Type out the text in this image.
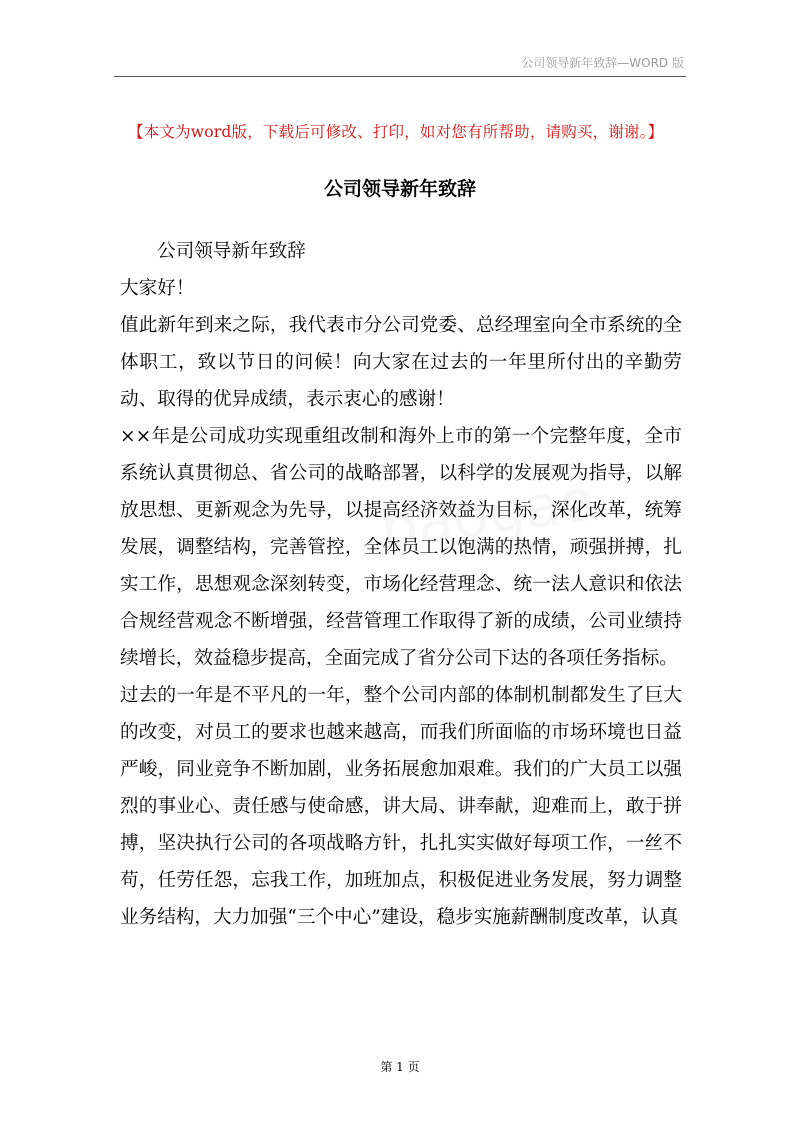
公司领导新年致辞—WORD 版
【本文为word版，下载后可修改、打印，如对您有所帮助，请购买，谢谢。】
公司领导新年致辞

公司领导新年致辞

大家好！

值此新年到来之际，我代表市分公司党委、总经理室向全市系统的全体职工，致以节日的问候！向大家在过去的一年里所付出的辛勤劳动、取得的优异成绩，表示衷心的感谢！

××年是公司成功实现重组改制和海外上市的第一个完整年度，全市系统认真贯彻总、省公司的战略部署，以科学的发展观为指导，以解放思想、更新观念为先导，以提高经济效益为目标，深化改革，统筹发展，调整结构，完善管控，全体员工以饱满的热情，顽强拼搏，扎实工作，思想观念深刻转变，市场化经营理念、统一法人意识和依法合规经营观念不断增强，经营管理工作取得了新的成绩，公司业绩持续增长，效益稳步提高，全面完成了省分公司下达的各项任务指标。

过去的一年是不平凡的一年，整个公司内部的体制机制都发生了巨大的改变，对员工的要求也越来越高，而我们所面临的市场环境也日益严峻，同业竞争不断加剧，业务拓展愈加艰难。我们的广大员工以强烈的事业心、责任感与使命感，讲大局、讲奉献，迎难而上，敢于拼搏，坚决执行公司的各项战略方针，扎扎实实做好每项工作，一丝不苟，任劳任怨，忘我工作，加班加点，积极促进业务发展，努力调整业务结构，大力加强“三个中心”建设，稳步实施薪酬制度改革，认真

第 1 页
